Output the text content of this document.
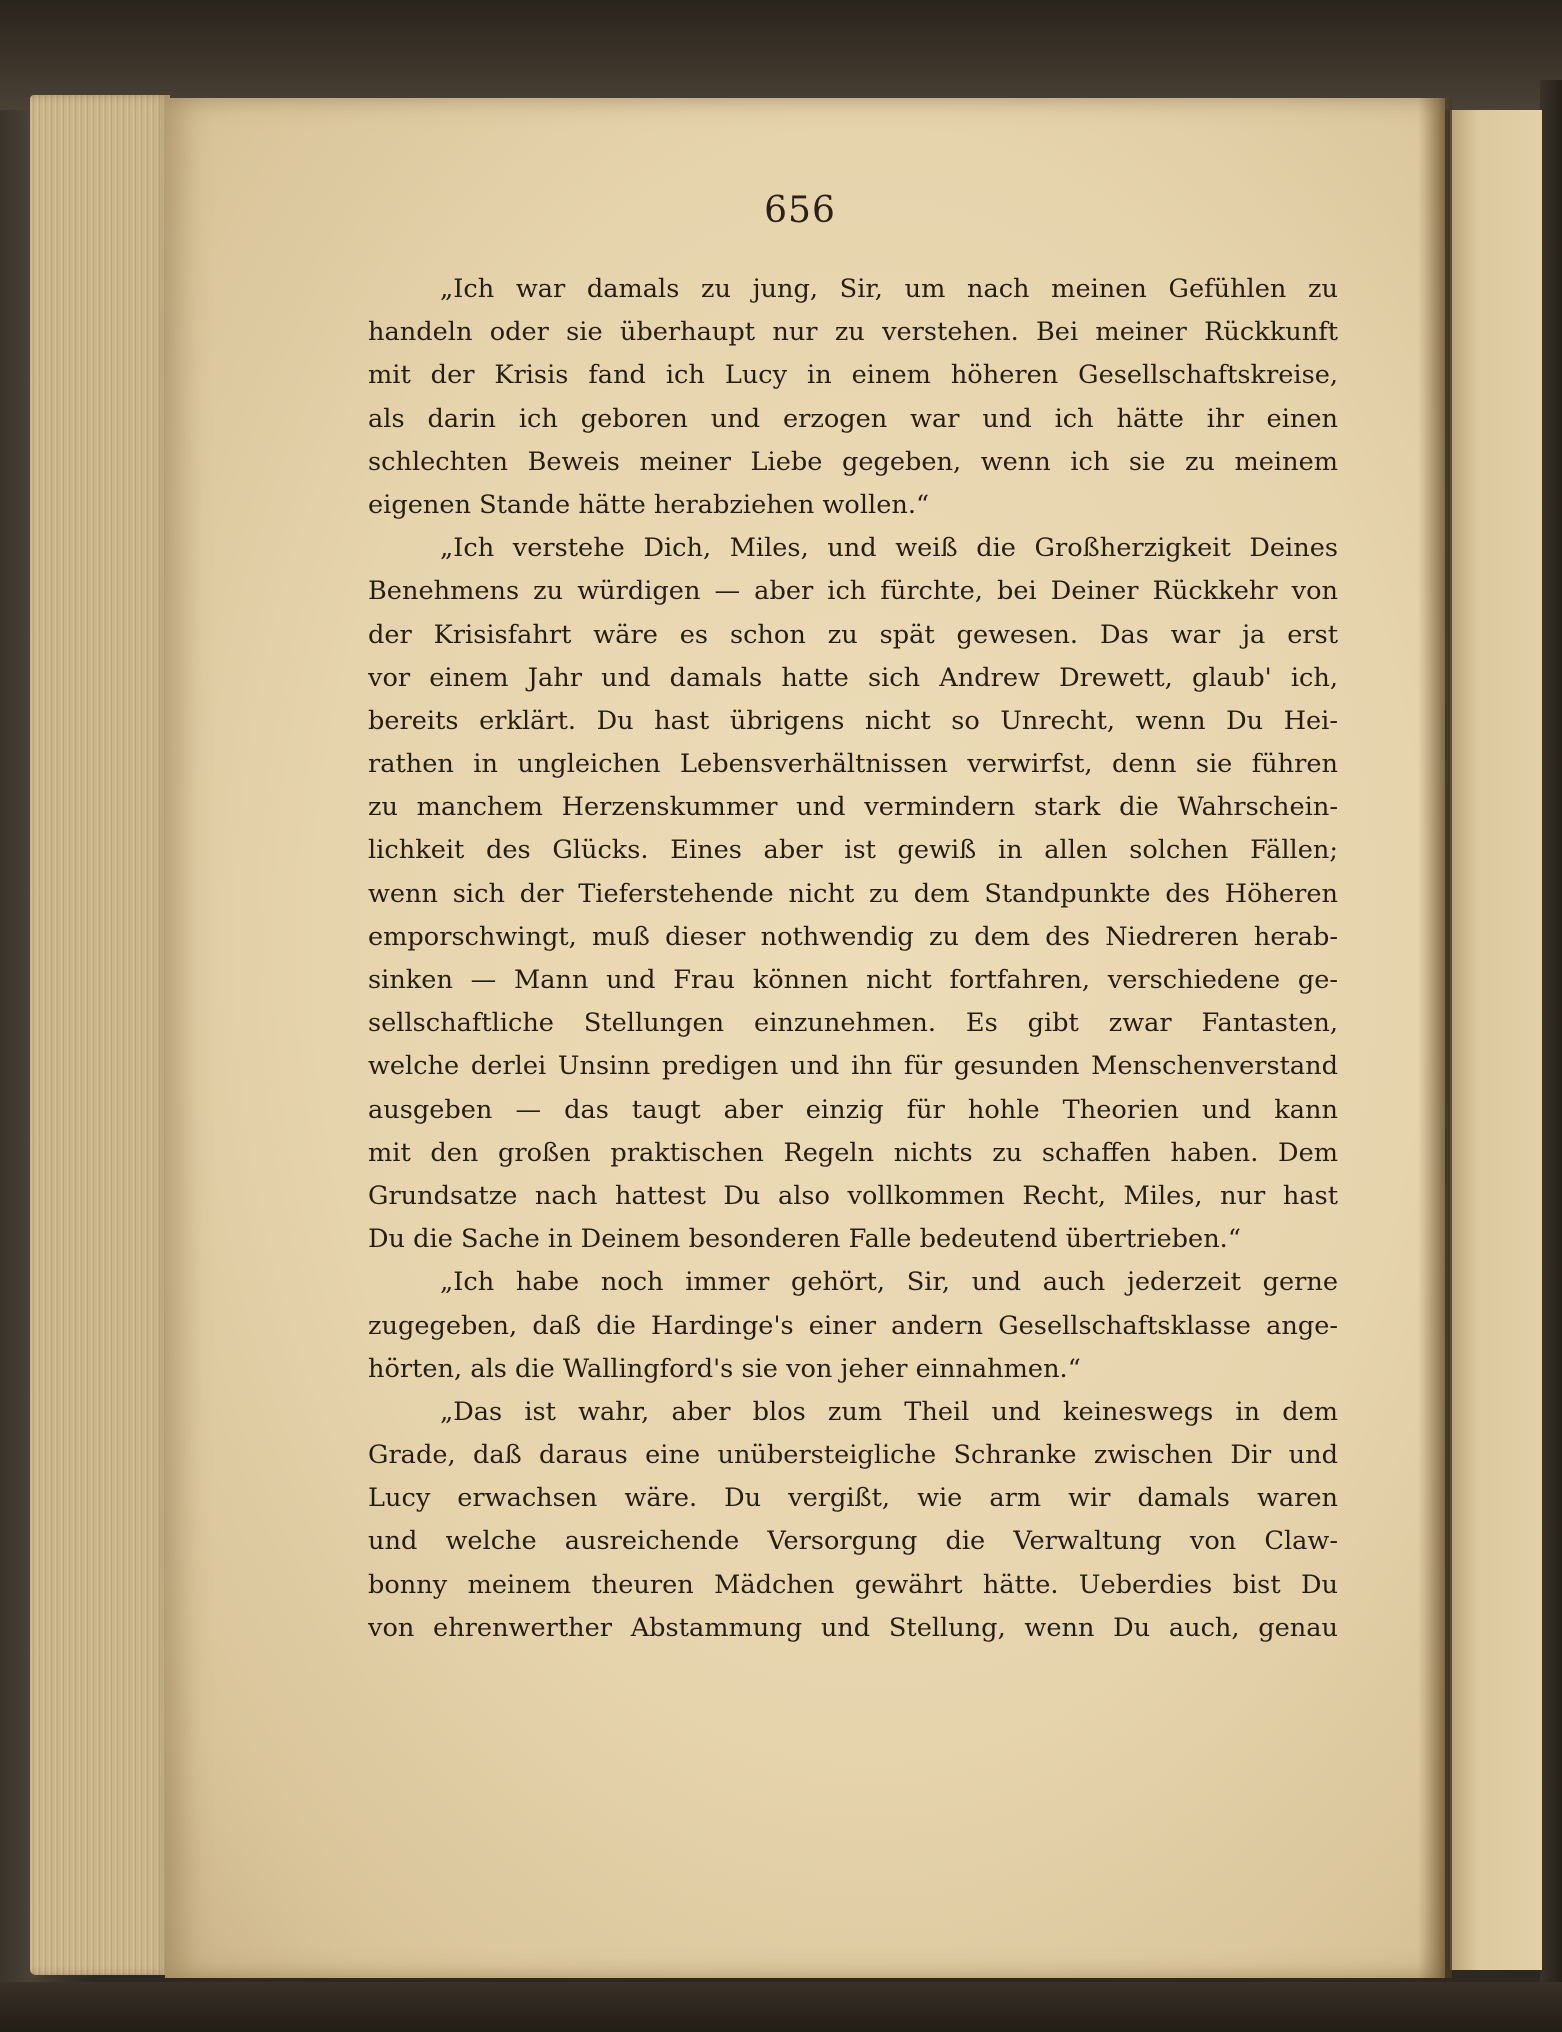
656
„Ich war damals zu jung, Sir, um nach meinen Gefühlen zu
handeln oder sie überhaupt nur zu verstehen. Bei meiner Rückkunft
mit der Krisis fand ich Lucy in einem höheren Gesellschaftskreise,
als darin ich geboren und erzogen war und ich hätte ihr einen
schlechten Beweis meiner Liebe gegeben, wenn ich sie zu meinem
eigenen Stande hätte herabziehen wollen.“
„Ich verstehe Dich, Miles, und weiß die Großherzigkeit Deines
Benehmens zu würdigen — aber ich fürchte, bei Deiner Rückkehr von
der Krisisfahrt wäre es schon zu spät gewesen. Das war ja erst
vor einem Jahr und damals hatte sich Andrew Drewett, glaub' ich,
bereits erklärt. Du hast übrigens nicht so Unrecht, wenn Du Hei-
rathen in ungleichen Lebensverhältnissen verwirfst, denn sie führen
zu manchem Herzenskummer und vermindern stark die Wahrschein-
lichkeit des Glücks. Eines aber ist gewiß in allen solchen Fällen;
wenn sich der Tieferstehende nicht zu dem Standpunkte des Höheren
emporschwingt, muß dieser nothwendig zu dem des Niedreren herab-
sinken — Mann und Frau können nicht fortfahren, verschiedene ge-
sellschaftliche Stellungen einzunehmen. Es gibt zwar Fantasten,
welche derlei Unsinn predigen und ihn für gesunden Menschenverstand
ausgeben — das taugt aber einzig für hohle Theorien und kann
mit den großen praktischen Regeln nichts zu schaffen haben. Dem
Grundsatze nach hattest Du also vollkommen Recht, Miles, nur hast
Du die Sache in Deinem besonderen Falle bedeutend übertrieben.“
„Ich habe noch immer gehört, Sir, und auch jederzeit gerne
zugegeben, daß die Hardinge's einer andern Gesellschaftsklasse ange-
hörten, als die Wallingford's sie von jeher einnahmen.“
„Das ist wahr, aber blos zum Theil und keineswegs in dem
Grade, daß daraus eine unübersteigliche Schranke zwischen Dir und
Lucy erwachsen wäre. Du vergißt, wie arm wir damals waren
und welche ausreichende Versorgung die Verwaltung von Claw-
bonny meinem theuren Mädchen gewährt hätte. Ueberdies bist Du
von ehrenwerther Abstammung und Stellung, wenn Du auch, genau
